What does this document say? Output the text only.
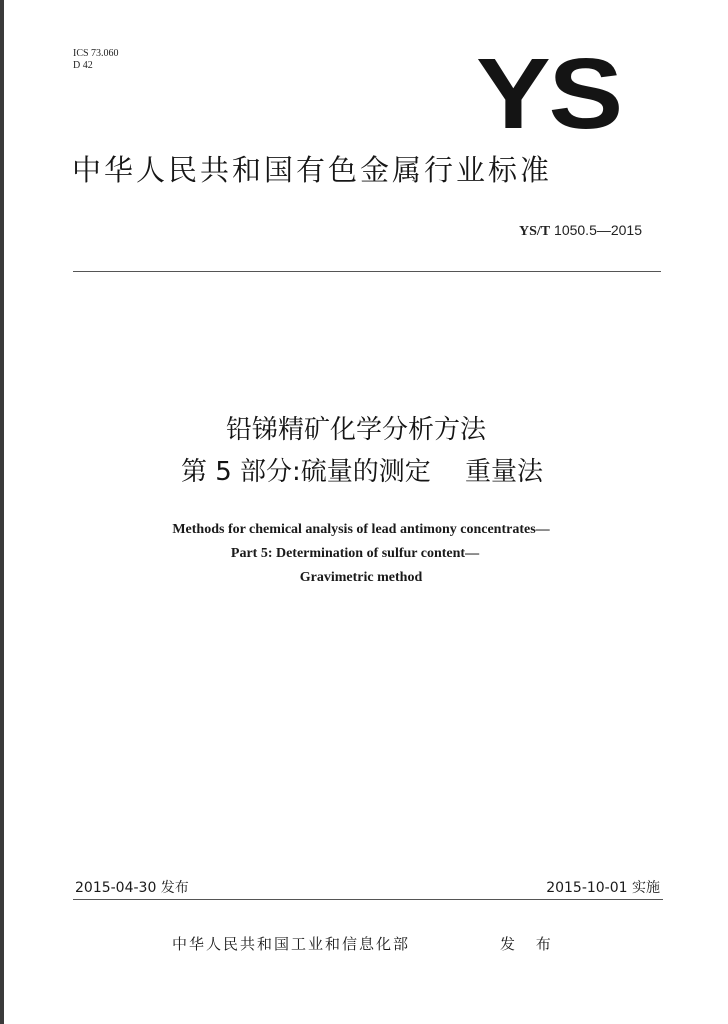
ICS 73.060
D 42	YS
中华人民共和国有色金属行业标准
YS/T 1050.5—2015
铅锑精矿化学分析方法
第 5 部分:硫量的测定　 重量法
Methods for chemical analysis of lead antimony concentrates—
Part 5: Determination of sulfur content—
Gravimetric method
2015-04-30 发布	2015-10-01 实施
中华人民共和国工业和信息化部	发 布
